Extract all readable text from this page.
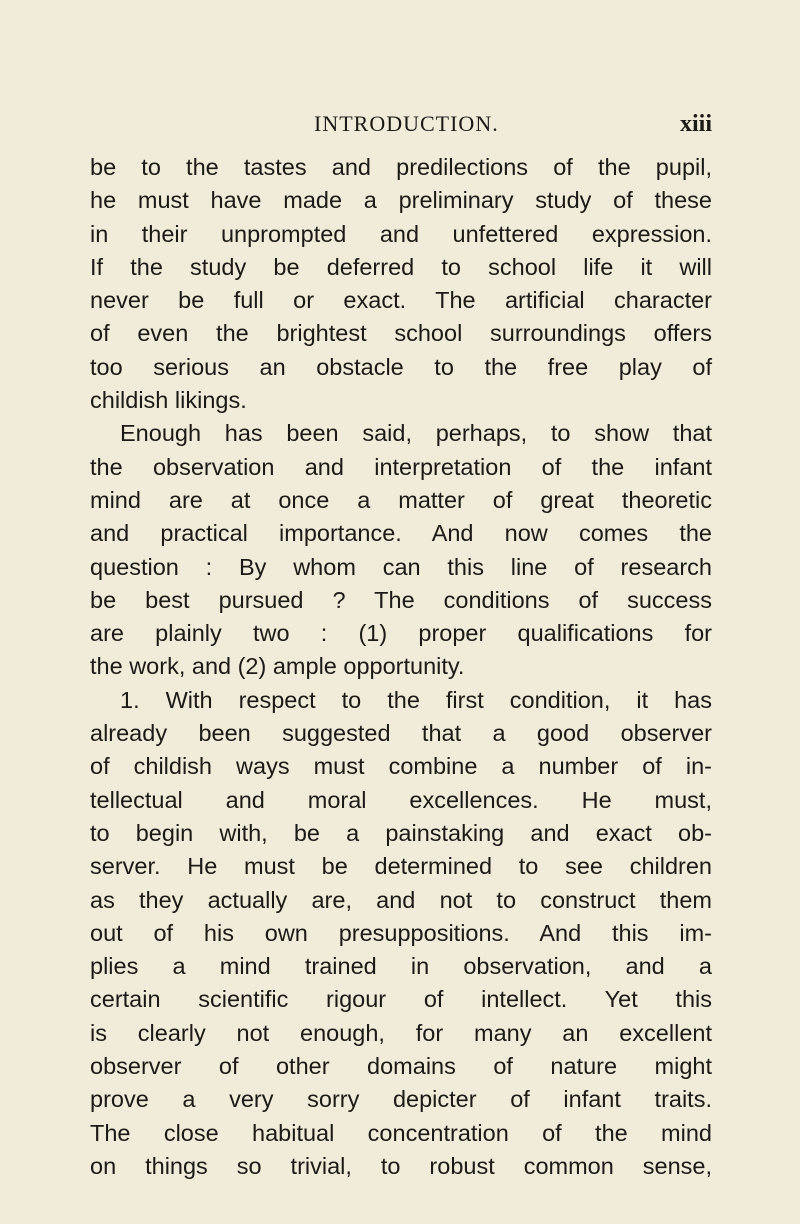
INTRODUCTION.	xiii
be to the tastes and predilections of the pupil,
he must have made a preliminary study of these
in their unprompted and unfettered expression.
If the study be deferred to school life it will
never be full or exact. The artificial character
of even the brightest school surroundings offers
too serious an obstacle to the free play of
childish likings.
Enough has been said, perhaps, to show that
the observation and interpretation of the infant
mind are at once a matter of great theoretic
and practical importance. And now comes the
question : By whom can this line of research
be best pursued ? The conditions of success
are plainly two : (1) proper qualifications for
the work, and (2) ample opportunity.
1. With respect to the first condition, it has
already been suggested that a good observer
of childish ways must combine a number of in-
tellectual and moral excellences. He must,
to begin with, be a painstaking and exact ob-
server. He must be determined to see children
as they actually are, and not to construct them
out of his own presuppositions. And this im-
plies a mind trained in observation, and a
certain scientific rigour of intellect. Yet this
is clearly not enough, for many an excellent
observer of other domains of nature might
prove a very sorry depicter of infant traits.
The close habitual concentration of the mind
on things so trivial, to robust common sense,
